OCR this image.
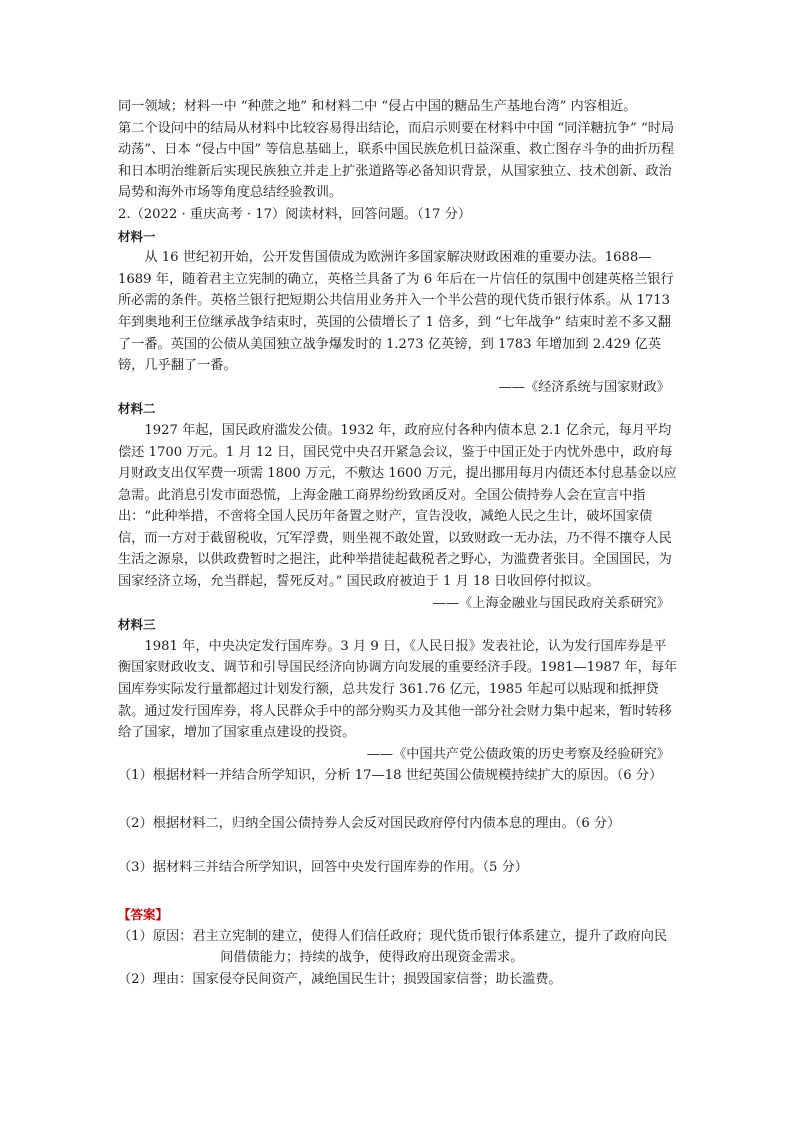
同一领域；材料一中 “种蔗之地” 和材料二中 “侵占中国的糖品生产基地台湾” 内容相近。

第二个设问中的结局从材料中比较容易得出结论，而启示则要在材料中中国 “同洋糖抗争” “时局动荡”、日本 “侵占中国” 等信息基础上，联系中国民族危机日益深重、救亡图存斗争的曲折历程和日本明治维新后实现民族独立并走上扩张道路等必备知识背景，从国家独立、技术创新、政治局势和海外市场等角度总结经验教训。

2.（2022 · 重庆高考 · 17）阅读材料，回答问题。（17 分）

材料一

从 16 世纪初开始，公开发售国债成为欧洲许多国家解决财政困难的重要办法。1688—1689 年，随着君主立宪制的确立，英格兰具备了为 6 年后在一片信任的氛围中创建英格兰银行所必需的条件。英格兰银行把短期公共信用业务并入一个半公营的现代货币银行体系。从 1713 年到奥地利王位继承战争结束时，英国的公债增长了 1 倍多，到 “七年战争” 结束时差不多又翻了一番。英国的公债从美国独立战争爆发时的 1.273 亿英镑，到 1783 年增加到 2.429 亿英镑，几乎翻了一番。

——《经济系统与国家财政》

材料二

1927 年起，国民政府滥发公债。1932 年，政府应付各种内债本息 2.1 亿余元，每月平均偿还 1700 万元。1 月 12 日，国民党中央召开紧急会议，鉴于中国正处于内忧外患中，政府每月财政支出仅军费一项需 1800 万元，不敷达 1600 万元，提出挪用每月内债还本付息基金以应急需。此消息引发市面恐慌，上海金融工商界纷纷致函反对。全国公债持券人会在宣言中指出：“此种举措，不啻将全国人民历年备置之财产，宣告没收，减绝人民之生计，破坏国家债信，而一方对于截留税收，冗军浮费，则坐视不敢处置，以致财政一无办法，乃不得不攘夺人民生活之源泉，以供政费暂时之挹注，此种举措徒起截税者之野心，为滥费者张目。全国国民，为国家经济立场，允当群起，誓死反对。” 国民政府被迫于 1 月 18 日收回停付拟议。

——《上海金融业与国民政府关系研究》

材料三

1981 年，中央决定发行国库券。3 月 9 日，《人民日报》发表社论，认为发行国库券是平衡国家财政收支、调节和引导国民经济向协调方向发展的重要经济手段。1981—1987 年，每年国库券实际发行量都超过计划发行额，总共发行 361.76 亿元，1985 年起可以贴现和抵押贷款。通过发行国库券，将人民群众手中的部分购买力及其他一部分社会财力集中起来，暂时转移给了国家，增加了国家重点建设的投资。

——《中国共产党公债政策的历史考察及经验研究》

（1）根据材料一并结合所学知识，分析 17—18 世纪英国公债规模持续扩大的原因。（6 分）

（2）根据材料二，归纳全国公债持券人会反对国民政府停付内债本息的理由。（6 分）

（3）据材料三并结合所学知识，回答中央发行国库券的作用。（5 分）

【答案】

（1） 原因：君主立宪制的建立，使得人们信任政府；现代货币银行体系建立，提升了政府向民间借债能力；持续的战争，使得政府出现资金需求。
（2） 理由：国家侵夺民间资产，减绝国民生计；损毁国家信誉；助长滥费。
